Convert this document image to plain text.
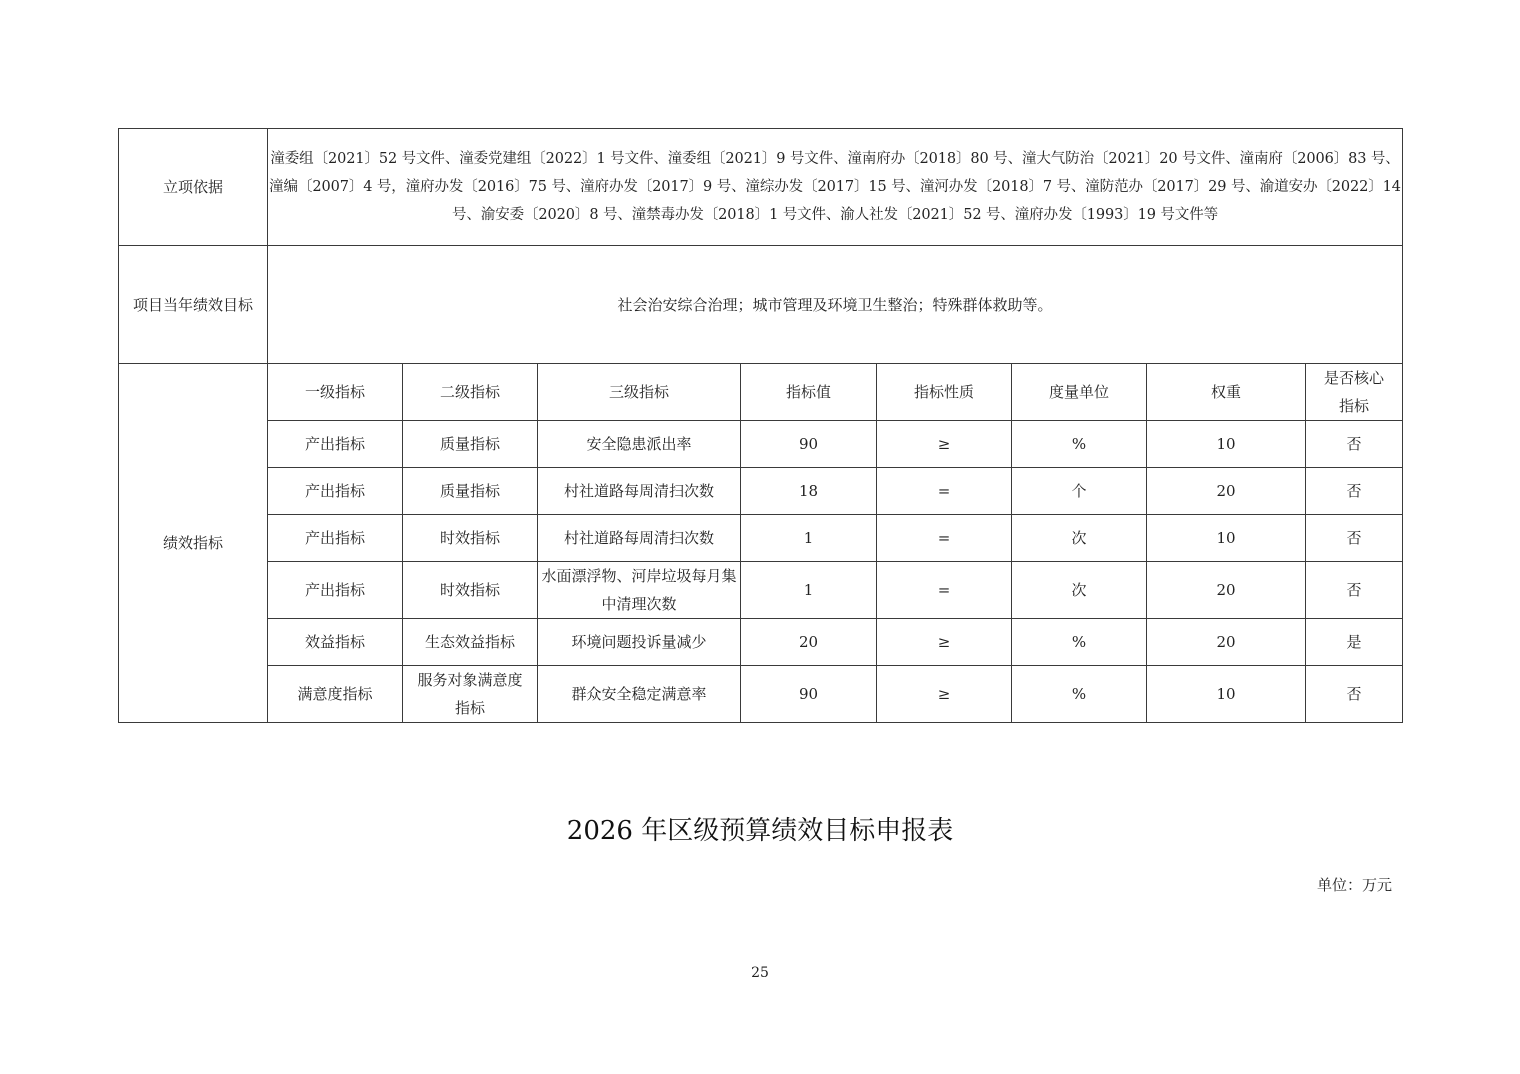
立项依据	潼委组〔2021〕52 号文件、潼委党建组〔2022〕1 号文件、潼委组〔2021〕9 号文件、潼南府办〔2018〕80 号、潼大气防治〔2021〕20 号文件、潼南府〔2006〕83 号、潼编〔2007〕4 号，潼府办发〔2016〕75 号、潼府办发〔2017〕9 号、潼综办发〔2017〕15 号、潼河办发〔2018〕7 号、潼防范办〔2017〕29 号、渝道安办〔2022〕14 号、渝安委〔2020〕8 号、潼禁毒办发〔2018〕1 号文件、渝人社发〔2021〕52 号、潼府办发〔1993〕19 号文件等							
项目当年绩效目标	社会治安综合治理；城市管理及环境卫生整治；特殊群体救助等。							
绩效指标	一级指标	二级指标	三级指标	指标值	指标性质	度量单位	权重	是否核心指标
	产出指标	质量指标	安全隐患派出率	90	≥	%	10	否
	产出指标	质量指标	村社道路每周清扫次数	18	=	个	20	否
	产出指标	时效指标	村社道路每周清扫次数	1	=	次	10	否
	产出指标	时效指标	水面漂浮物、河岸垃圾每月集中清理次数	1	=	次	20	否
	效益指标	生态效益指标	环境问题投诉量减少	20	≥	%	20	是
	满意度指标	服务对象满意度指标	群众安全稳定满意率	90	≥	%	10	否
2026 年区级预算绩效目标申报表
单位：万元
25
